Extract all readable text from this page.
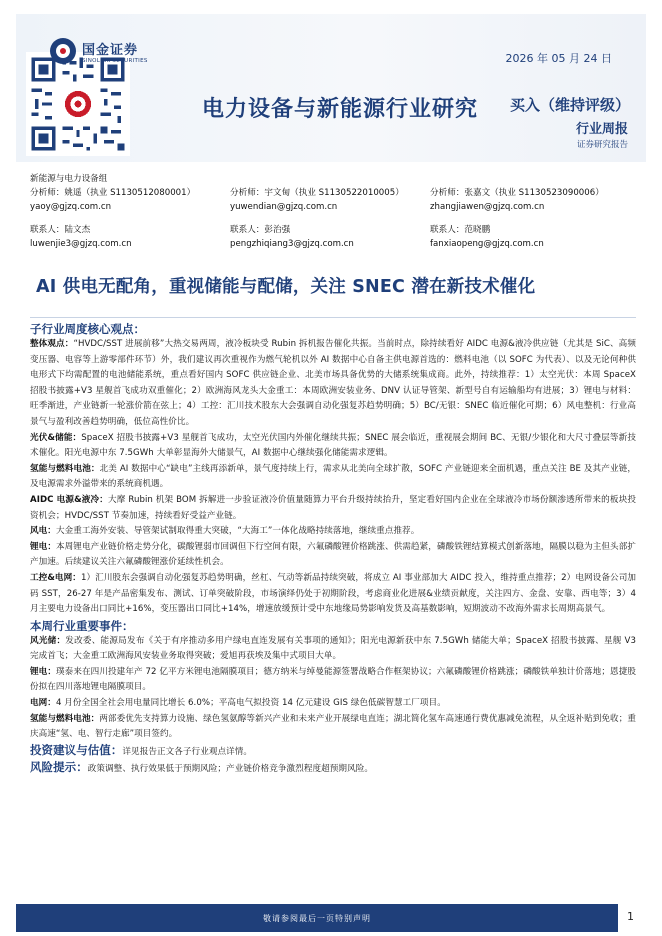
国金证券
SINOLINK SECURITIES	2026 年 05 月 24 日
电力设备与新能源行业研究 买入（维持评级）
行业周报
证券研究报告
新能源与电力设备组
分析师：姚遥（执业 S1130512080001）
yaoy@gjzq.com.cn
分析师：宇文甸（执业 S1130522010005）
yuwendian@gjzq.com.cn
分析师：张嘉文（执业 S1130523090006）
zhangjiawen@gjzq.com.cn
联系人：陆文杰
luwenjie3@gjzq.com.cn
联系人：彭治强
pengzhiqiang3@gjzq.com.cn
联系人：范晓鹏
fanxiaopeng@gjzq.com.cn
AI 供电无配角，重视储能与配储，关注 SNEC 潜在新技术催化
子行业周度核心观点：

整体观点：“HVDC/SST 进展前移”大热交易两周，液冷板块受 Rubin 拆机报告催化共振。当前时点，除持续看好 AIDC 电源&液冷供应链（尤其是 SiC、高频变压器、电容等上游零部件环节）外，我们建议再次重视作为燃气轮机以外 AI 数据中心自备主供电源首选的：燃料电池（以 SOFC 为代表）、以及无论何种供电形式下均需配置的电池储能系统，重点看好国内 SOFC 供应链企业、北美市场具备优势的大储系统集成商。此外，持续推荐：1）太空光伏：本周 SpaceX 招股书披露+V3 星舰首飞成功双重催化；2）欧洲海风龙头大金重工：本周欧洲安装业务、DNV 认证导管架、新型号自有运输船均有进展；3）锂电与材料：旺季渐进，产业链新一轮涨价箭在弦上；4）工控：汇川技术股东大会强调自动化强复苏趋势明确；5）BC/无银：SNEC 临近催化可期；6）风电整机：行业高景气与盈利改善趋势明确，低位高性价比。

光伏&储能：SpaceX 招股书披露+V3 星舰首飞成功，太空光伏国内外催化继续共振；SNEC 展会临近，重视展会期间 BC、无银/少银化和大尺寸叠层等新技术催化。阳光电源中东 7.5GWh 大单彰显海外大储景气，AI 数据中心继续强化储能需求逻辑。

氢能与燃料电池：北美 AI 数据中心“缺电”主线再添新单，景气度持续上行，需求从北美向全球扩散，SOFC 产业链迎来全面机遇，重点关注 BE 及其产业链，及电源需求外溢带来的系统商机遇。

AIDC 电源&液冷：大摩 Rubin 机架 BOM 拆解进一步验证液冷价值量随算力平台升级持续抬升，坚定看好国内企业在全球液冷市场份额渗透所带来的板块投资机会；HVDC/SST 节奏加速，持续看好受益产业链。

风电：大金重工海外安装、导管架试制取得重大突破，“大海工”一体化战略持续落地，继续重点推荐。

锂电：本周锂电产业链价格走势分化，碳酸锂弱市回调但下行空间有限，六氟磷酸锂价格跳涨、供需趋紧，磷酸铁锂结算模式创新落地，隔膜以稳为主但头部扩产加速。后续建议关注六氟磷酸锂涨价延续性机会。

工控&电网：1）汇川股东会强调自动化强复苏趋势明确，丝杠、气动等新品持续突破，将成立 AI 事业部加大 AIDC 投入，维持重点推荐；2）电网设备公司加码 SST，26-27 年是产品密集发布、测试、订单突破阶段，市场演绎仍处于初期阶段，考虑商业化进展&业绩贡献度，关注四方、金盘、安靠、西电等；3）4 月主要电力设备出口同比+16%，变压器出口同比+14%，增速放缓预计受中东地缘局势影响发货及高基数影响，短期波动不改海外需求长周期高景气。

本周行业重要事件：

风光储：发改委、能源局发布《关于有序推动多用户绿电直连发展有关事项的通知》；阳光电源新获中东 7.5GWh 储能大单；SpaceX 招股书披露、星舰 V3 完成首飞；大金重工欧洲海风安装业务取得突破；爱旭再获埃及集中式项目大单。

锂电：璞泰来在四川投建年产 72 亿平方米锂电池隔膜项目；德方纳米与绰曼能源签署战略合作框架协议；六氟磷酸锂价格跳涨；磷酸铁单独计价落地；恩捷股份拟在四川落地锂电隔膜项目。

电网：4 月份全国全社会用电量同比增长 6.0%；平高电气拟投资 14 亿元建设 GIS 绿色低碳智慧工厂项目。

氢能与燃料电池：两部委优先支持算力设施、绿色氢氨醇等新兴产业和未来产业开展绿电直连；湖北简化氢车高速通行费优惠减免流程，从全返补贴到免收；重庆高速“氢、电、智行走廊”项目签约。

投资建议与估值：详见报告正文各子行业观点详情。

风险提示：政策调整、执行效果低于预期风险；产业链价格竞争激烈程度超预期风险。

敬请参阅最后一页特别声明	1
